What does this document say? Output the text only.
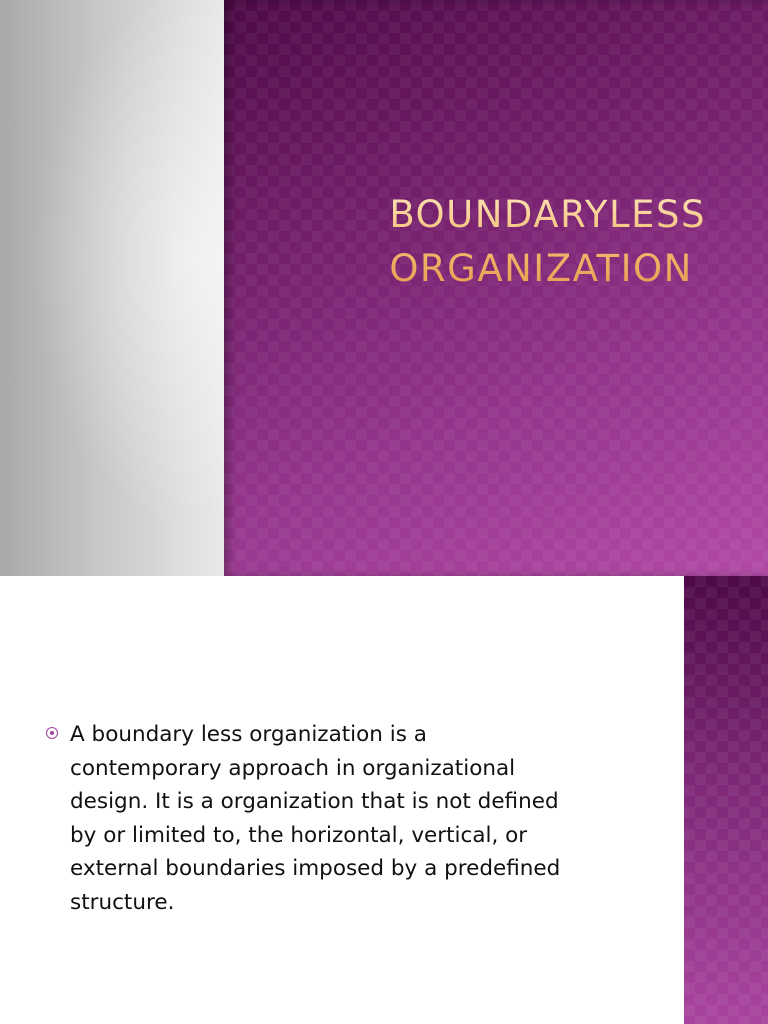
BOUNDARYLESS
ORGANIZATION

A boundary less organization is a
contemporary approach in organizational
design. It is a organization that is not defined
by or limited to, the horizontal, vertical, or
external boundaries imposed by a predefined
structure.
